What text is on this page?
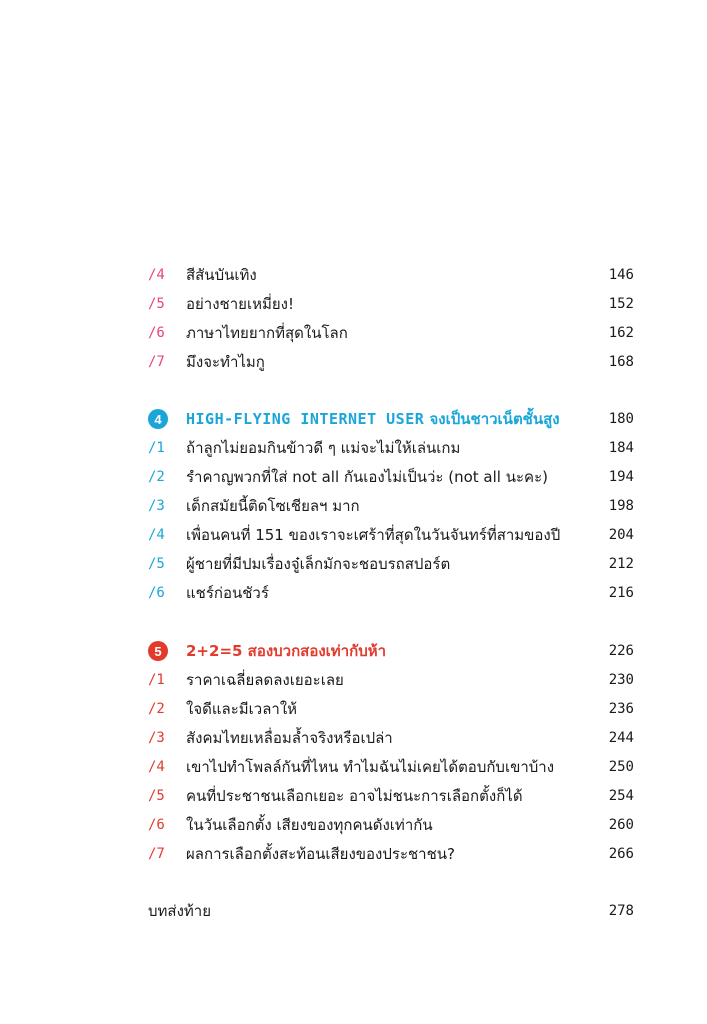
/4	สีสันบันเทิง	146
/5	อย่างชายเหมี่ยง!	152
/6	ภาษาไทยยากที่สุดในโลก	162
/7	มึงจะทำไมกู	168
4	HIGH-FLYING INTERNET USER จงเป็นชาวเน็ตชั้นสูง	180
/1	ถ้าลูกไม่ยอมกินข้าวดี ๆ แม่จะไม่ให้เล่นเกม	184
/2	รำคาญพวกที่ใส่ not all กันเองไม่เป็นว่ะ (not all นะคะ)	194
/3	เด็กสมัยนี้ติดโซเชียลฯ มาก	198
/4	เพื่อนคนที่ 151 ของเราจะเศร้าที่สุดในวันจันทร์ที่สามของปี	204
/5	ผู้ชายที่มีปมเรื่องจู๋เล็กมักจะชอบรถสปอร์ต	212
/6	แชร์ก่อนชัวร์	216
5	2+2=5 สองบวกสองเท่ากับห้า	226
/1	ราคาเฉลี่ยลดลงเยอะเลย	230
/2	ใจดีและมีเวลาให้	236
/3	สังคมไทยเหลื่อมล้ำจริงหรือเปล่า	244
/4	เขาไปทำโพลล์กันที่ไหน ทำไมฉันไม่เคยได้ตอบกับเขาบ้าง	250
/5	คนที่ประชาชนเลือกเยอะ อาจไม่ชนะการเลือกตั้งก็ได้	254
/6	ในวันเลือกตั้ง เสียงของทุกคนดังเท่ากัน	260
/7	ผลการเลือกตั้งสะท้อนเสียงของประชาชน?	266
บทส่งท้าย	278
